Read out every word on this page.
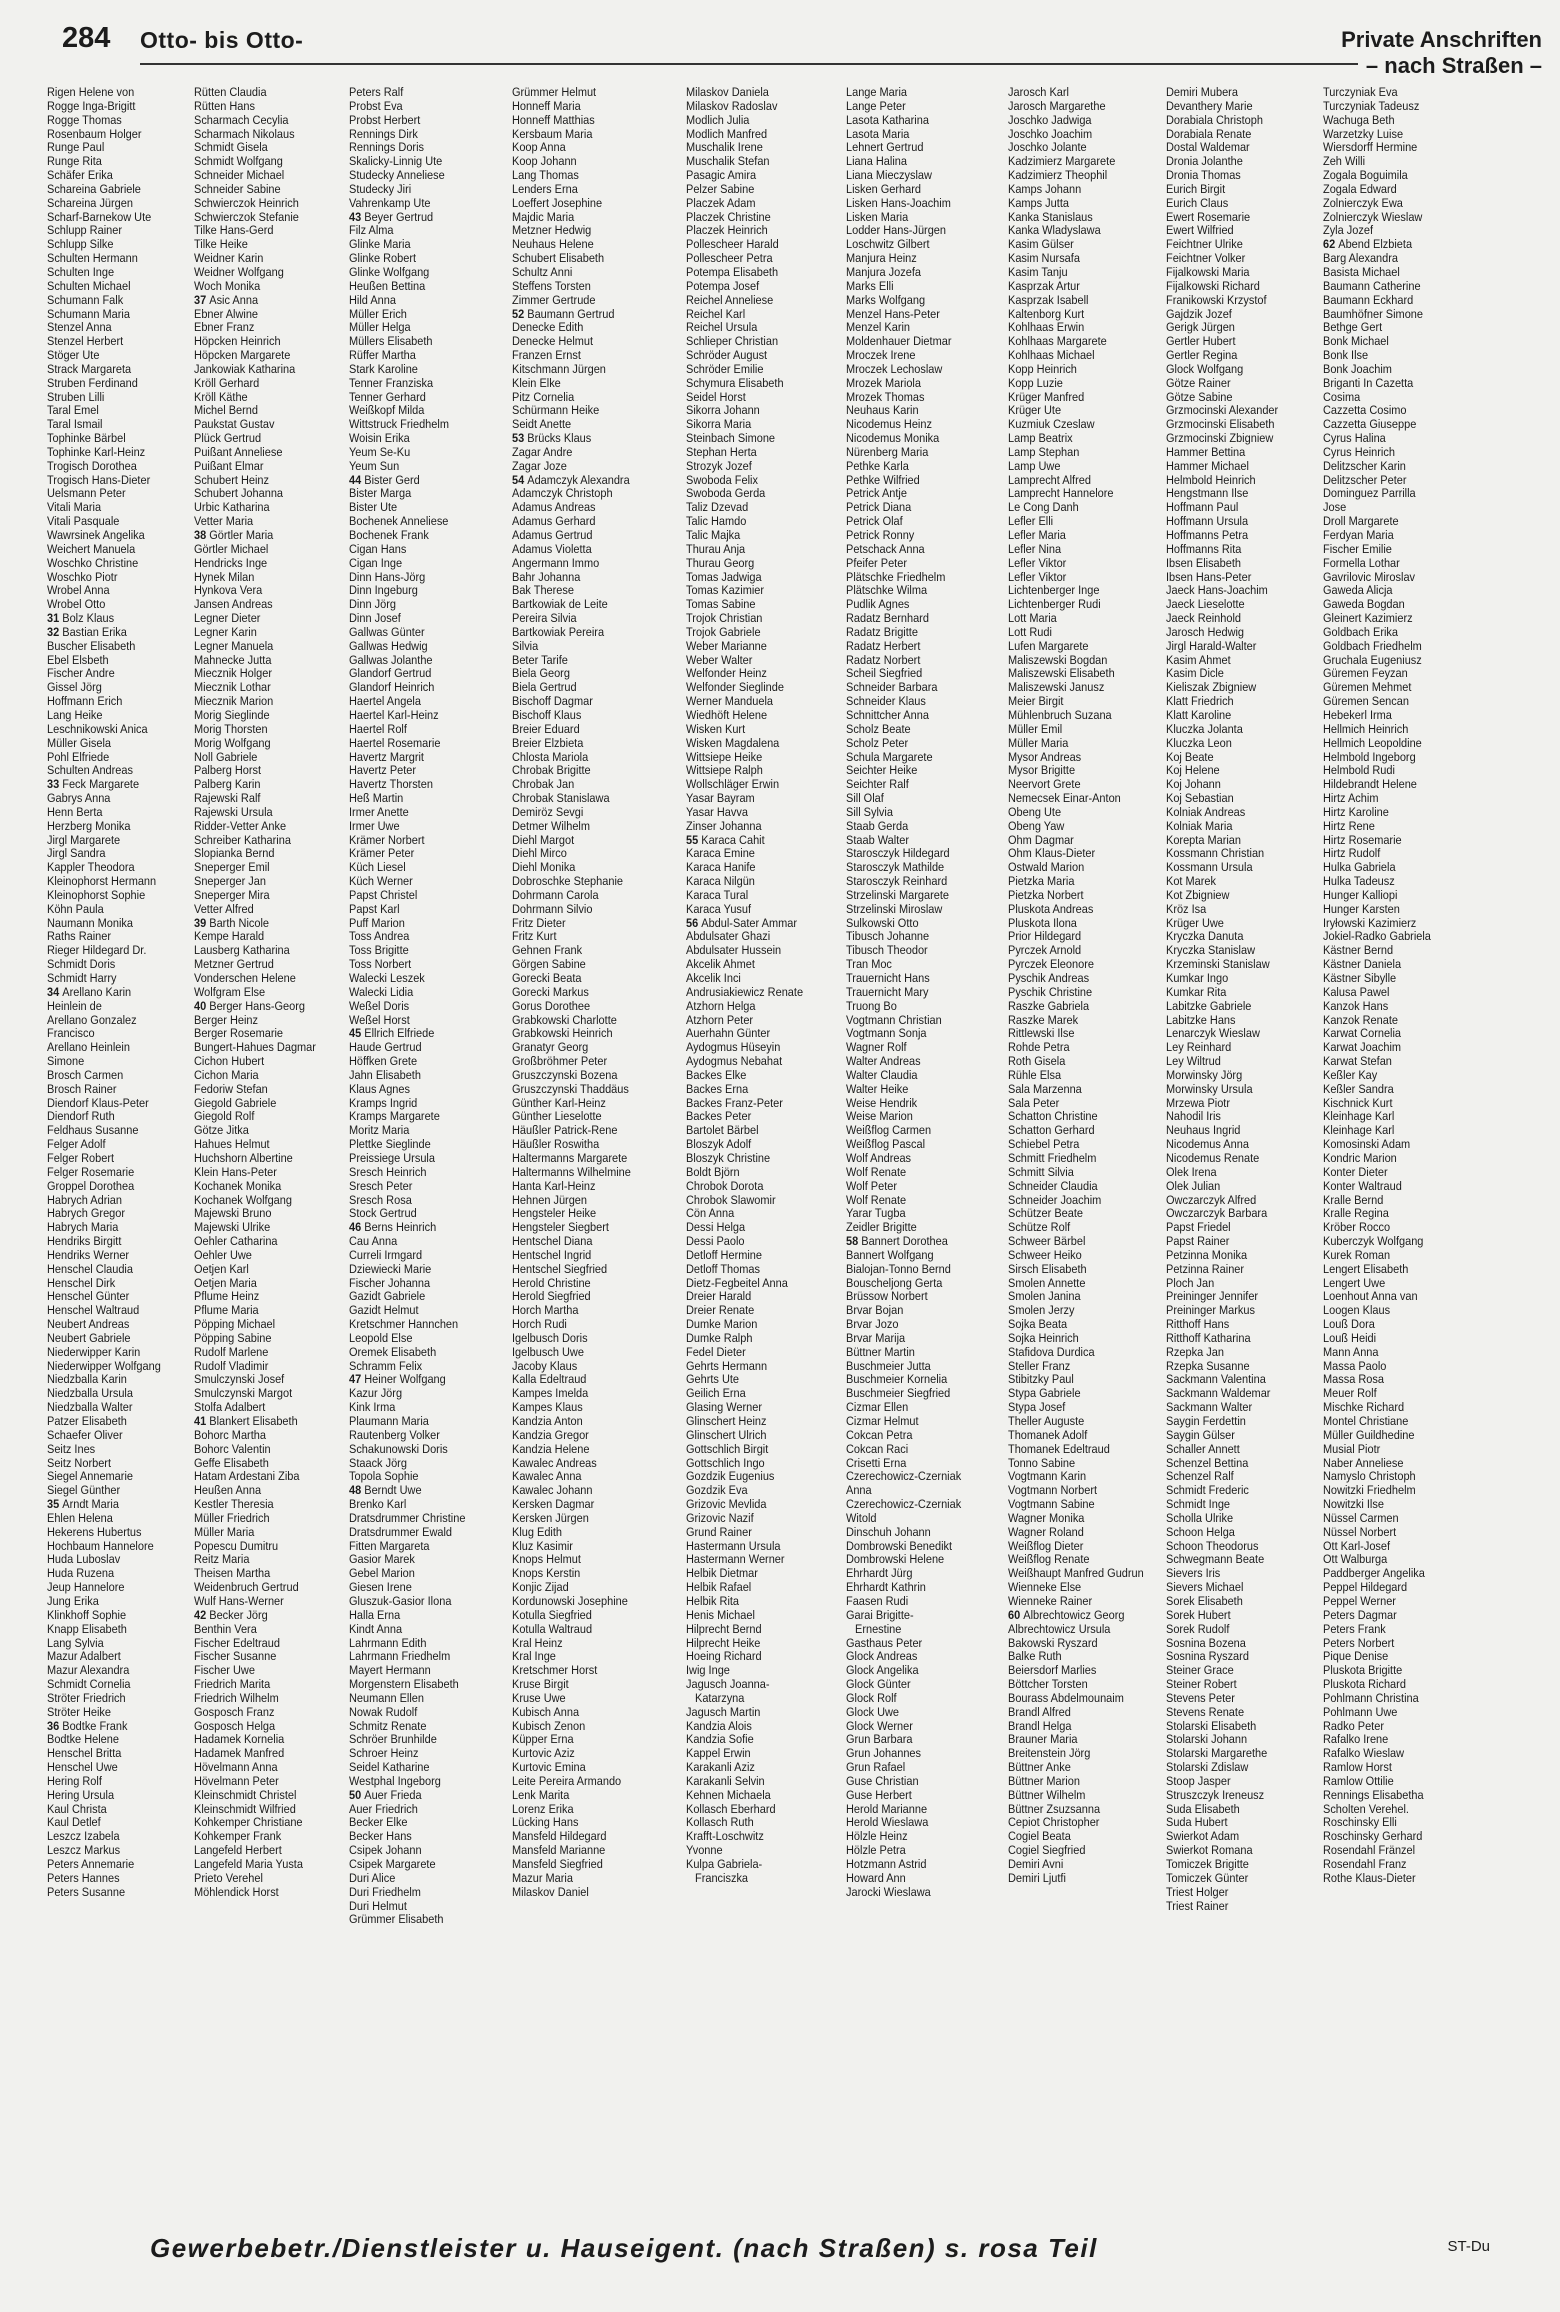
284 Otto- bis Otto-	Private Anschriften
– nach Straßen –
Rigen Helene von
Rogge Inga-Brigitt
Rogge Thomas
Rosenbaum Holger
Runge Paul
Runge Rita
Schäfer Erika
Schareina Gabriele
Schareina Jürgen
Scharf-Barnekow Ute
Schlupp Rainer
Schlupp Silke
Schulten Hermann
Schulten Inge
Schulten Michael
Schumann Falk
Schumann Maria
Stenzel Anna
Stenzel Herbert
Stöger Ute
Strack Margareta
Struben Ferdinand
Struben Lilli
Taral Emel
Taral Ismail
Tophinke Bärbel
Tophinke Karl-Heinz
Trogisch Dorothea
Trogisch Hans-Dieter
Uelsmann Peter
Vitali Maria
Vitali Pasquale
Wawrsinek Angelika
Weichert Manuela
Woschko Christine
Woschko Piotr
Wrobel Anna
Wrobel Otto
31 Bolz Klaus
32 Bastian Erika
Buscher Elisabeth
Ebel Elsbeth
Fischer Andre
Gissel Jörg
Hoffmann Erich
Lang Heike
Leschnikowski Anica
Müller Gisela
Pohl Elfriede
Schulten Andreas
33 Feck Margarete
Gabrys Anna
Henn Berta
Herzberg Monika
Jirgl Margarete
Jirgl Sandra
Kappler Theodora
Kleinophorst Hermann
Kleinophorst Sophie
Köhn Paula
Naumann Monika
Raths Rainer
Rieger Hildegard Dr.
Schmidt Doris
Schmidt Harry
34 Arellano Karin
Heinlein de
Arellano Gonzalez
Francisco
Arellano Heinlein
Simone
Brosch Carmen
Brosch Rainer
Diendorf Klaus-Peter
Diendorf Ruth
Feldhaus Susanne
Felger Adolf
Felger Robert
Felger Rosemarie
Groppel Dorothea
Habrych Adrian
Habrych Gregor
Habrych Maria
Hendriks Birgitt
Hendriks Werner
Henschel Claudia
Henschel Dirk
Henschel Günter
Henschel Waltraud
Neubert Andreas
Neubert Gabriele
Niederwipper Karin
Niederwipper Wolfgang
Niedzballa Karin
Niedzballa Ursula
Niedzballa Walter
Patzer Elisabeth
Schaefer Oliver
Seitz Ines
Seitz Norbert
Siegel Annemarie
Siegel Günther
35 Arndt Maria
Ehlen Helena
Hekerens Hubertus
Hochbaum Hannelore
Huda Luboslav
Huda Ruzena
Jeup Hannelore
Jung Erika
Klinkhoff Sophie
Knapp Elisabeth
Lang Sylvia
Mazur Adalbert
Mazur Alexandra
Schmidt Cornelia
Ströter Friedrich
Ströter Heike
36 Bodtke Frank
Bodtke Helene
Henschel Britta
Henschel Uwe
Hering Rolf
Hering Ursula
Kaul Christa
Kaul Detlef
Leszcz Izabela
Leszcz Markus
Peters Annemarie
Peters Hannes
Peters Susanne
Rütten Claudia
Rütten Hans
Scharmach Cecylia
Scharmach Nikolaus
Schmidt Gisela
Schmidt Wolfgang
Schneider Michael
Schneider Sabine
Schwierczok Heinrich
Schwierczok Stefanie
Tilke Hans-Gerd
Tilke Heike
Weidner Karin
Weidner Wolfgang
Woch Monika
37 Asic Anna
Ebner Alwine
Ebner Franz
Höpcken Heinrich
Höpcken Margarete
Jankowiak Katharina
Kröll Gerhard
Kröll Käthe
Michel Bernd
Paukstat Gustav
Plück Gertrud
Puißant Anneliese
Puißant Elmar
Schubert Heinz
Schubert Johanna
Urbic Katharina
Vetter Maria
38 Görtler Maria
Görtler Michael
Hendricks Inge
Hynek Milan
Hynkova Vera
Jansen Andreas
Legner Dieter
Legner Karin
Legner Manuela
Mahnecke Jutta
Miecznik Holger
Miecznik Lothar
Miecznik Marion
Morig Sieglinde
Morig Thorsten
Morig Wolfgang
Noll Gabriele
Palberg Horst
Palberg Karin
Rajewski Ralf
Rajewski Ursula
Ridder-Vetter Anke
Schreiber Katharina
Slopianka Bernd
Sneperger Emil
Sneperger Jan
Sneperger Mira
Vetter Alfred
39 Barth Nicole
Kempe Harald
Lausberg Katharina
Metzner Gertrud
Vonderschen Helene
Wolfgram Else
40 Berger Hans-Georg
Berger Heinz
Berger Rosemarie
Bungert-Hahues Dagmar
Cichon Hubert
Cichon Maria
Fedoriw Stefan
Giegold Gabriele
Giegold Rolf
Götze Jitka
Hahues Helmut
Huchshorn Albertine
Klein Hans-Peter
Kochanek Monika
Kochanek Wolfgang
Majewski Bruno
Majewski Ulrike
Oehler Catharina
Oehler Uwe
Oetjen Karl
Oetjen Maria
Pflume Heinz
Pflume Maria
Pöpping Michael
Pöpping Sabine
Rudolf Marlene
Rudolf Vladimir
Smulczynski Josef
Smulczynski Margot
Stolfa Adalbert
41 Blankert Elisabeth
Bohorc Martha
Bohorc Valentin
Geffe Elisabeth
Hatam Ardestani Ziba
Heußen Anna
Kestler Theresia
Müller Friedrich
Müller Maria
Popescu Dumitru
Reitz Maria
Theisen Martha
Weidenbruch Gertrud
Wulf Hans-Werner
42 Becker Jörg
Benthin Vera
Fischer Edeltraud
Fischer Susanne
Fischer Uwe
Friedrich Marita
Friedrich Wilhelm
Gosposch Franz
Gosposch Helga
Hadamek Kornelia
Hadamek Manfred
Hövelmann Anna
Hövelmann Peter
Kleinschmidt Christel
Kleinschmidt Wilfried
Kohkemper Christiane
Kohkemper Frank
Langefeld Herbert
Langefeld Maria Yusta
Prieto Verehel
Möhlendick Horst
Peters Ralf
Probst Eva
Probst Herbert
Rennings Dirk
Rennings Doris
Skalicky-Linnig Ute
Studecky Anneliese
Studecky Jiri
Vahrenkamp Ute
43 Beyer Gertrud
Filz Alma
Glinke Maria
Glinke Robert
Glinke Wolfgang
Heußen Bettina
Hild Anna
Müller Erich
Müller Helga
Müllers Elisabeth
Rüffer Martha
Stark Karoline
Tenner Franziska
Tenner Gerhard
Weißkopf Milda
Wittstruck Friedhelm
Woisin Erika
Yeum Se-Ku
Yeum Sun
44 Bister Gerd
Bister Marga
Bister Ute
Bochenek Anneliese
Bochenek Frank
Cigan Hans
Cigan Inge
Dinn Hans-Jörg
Dinn Ingeburg
Dinn Jörg
Dinn Josef
Gallwas Günter
Gallwas Hedwig
Gallwas Jolanthe
Glandorf Gertrud
Glandorf Heinrich
Haertel Angela
Haertel Karl-Heinz
Haertel Rolf
Haertel Rosemarie
Havertz Margrit
Havertz Peter
Havertz Thorsten
Heß Martin
Irmer Anette
Irmer Uwe
Krämer Norbert
Krämer Peter
Küch Liesel
Küch Werner
Papst Christel
Papst Karl
Puff Marion
Toss Andrea
Toss Brigitte
Toss Norbert
Walecki Leszek
Walecki Lidia
Weßel Doris
Weßel Horst
45 Ellrich Elfriede
Haude Gertrud
Höffken Grete
Jahn Elisabeth
Klaus Agnes
Kramps Ingrid
Kramps Margarete
Moritz Maria
Plettke Sieglinde
Preissiege Ursula
Sresch Heinrich
Sresch Peter
Sresch Rosa
Stock Gertrud
46 Berns Heinrich
Cau Anna
Curreli Irmgard
Dziewiecki Marie
Fischer Johanna
Gazidt Gabriele
Gazidt Helmut
Kretschmer Hannchen
Leopold Else
Oremek Elisabeth
Schramm Felix
47 Heiner Wolfgang
Kazur Jörg
Kink Irma
Plaumann Maria
Rautenberg Volker
Schakunowski Doris
Staack Jörg
Topola Sophie
48 Berndt Uwe
Brenko Karl
Dratsdrummer Christine
Dratsdrummer Ewald
Fitten Margareta
Gasior Marek
Gebel Marion
Giesen Irene
Gluszuk-Gasior Ilona
Halla Erna
Kindt Anna
Lahrmann Edith
Lahrmann Friedhelm
Mayert Hermann
Morgenstern Elisabeth
Neumann Ellen
Nowak Rudolf
Schmitz Renate
Schröer Brunhilde
Schroer Heinz
Seidel Katharine
Westphal Ingeborg
50 Auer Frieda
Auer Friedrich
Becker Elke
Becker Hans
Csipek Johann
Csipek Margarete
Duri Alice
Duri Friedhelm
Duri Helmut
Grümmer Elisabeth
Grümmer Helmut
Honneff Maria
Honneff Matthias
Kersbaum Maria
Koop Anna
Koop Johann
Lang Thomas
Lenders Erna
Loeffert Josephine
Majdic Maria
Metzner Hedwig
Neuhaus Helene
Schubert Elisabeth
Schultz Anni
Steffens Torsten
Zimmer Gertrude
52 Baumann Gertrud
Denecke Edith
Denecke Helmut
Franzen Ernst
Kitschmann Jürgen
Klein Elke
Pitz Cornelia
Schürmann Heike
Seidt Anette
53 Brücks Klaus
Zagar Andre
Zagar Joze
54 Adamczyk Alexandra
Adamczyk Christoph
Adamus Andreas
Adamus Gerhard
Adamus Gertrud
Adamus Violetta
Angermann Immo
Bahr Johanna
Bak Therese
Bartkowiak de Leite
Pereira Silvia
Bartkowiak Pereira
Silvia
Beter Tarife
Biela Georg
Biela Gertrud
Bischoff Dagmar
Bischoff Klaus
Breier Eduard
Breier Elzbieta
Chlosta Mariola
Chrobak Brigitte
Chrobak Jan
Chrobak Stanislawa
Demiröz Sevgi
Detmer Wilhelm
Diehl Margot
Diehl Mirco
Diehl Monika
Dobroschke Stephanie
Dohrmann Carola
Dohrmann Silvio
Fritz Dieter
Fritz Kurt
Gehnen Frank
Görgen Sabine
Gorecki Beata
Gorecki Markus
Gorus Dorothee
Grabkowski Charlotte
Grabkowski Heinrich
Granatyr Georg
Großbröhmer Peter
Gruszczynski Bozena
Gruszczynski Thaddäus
Günther Karl-Heinz
Günther Lieselotte
Häußler Patrick-Rene
Häußler Roswitha
Haltermanns Margarete
Haltermanns Wilhelmine
Hanta Karl-Heinz
Hehnen Jürgen
Hengsteler Heike
Hengsteler Siegbert
Hentschel Diana
Hentschel Ingrid
Hentschel Siegfried
Herold Christine
Herold Siegfried
Horch Martha
Horch Rudi
Igelbusch Doris
Igelbusch Uwe
Jacoby Klaus
Kalla Edeltraud
Kampes Imelda
Kampes Klaus
Kandzia Anton
Kandzia Gregor
Kandzia Helene
Kawalec Andreas
Kawalec Anna
Kawalec Johann
Kersken Dagmar
Kersken Jürgen
Klug Edith
Kluz Kasimir
Knops Helmut
Knops Kerstin
Konjic Zijad
Kordunowski Josephine
Kotulla Siegfried
Kotulla Waltraud
Kral Heinz
Kral Inge
Kretschmer Horst
Kruse Birgit
Kruse Uwe
Kubisch Anna
Kubisch Zenon
Küpper Erna
Kurtovic Aziz
Kurtovic Emina
Leite Pereira Armando
Lenk Marita
Lorenz Erika
Lücking Hans
Mansfeld Hildegard
Mansfeld Marianne
Mansfeld Siegfried
Mazur Maria
Milaskov Daniel
Milaskov Daniela
Milaskov Radoslav
Modlich Julia
Modlich Manfred
Muschalik Irene
Muschalik Stefan
Pasagic Amira
Pelzer Sabine
Placzek Adam
Placzek Christine
Placzek Heinrich
Pollescheer Harald
Pollescheer Petra
Potempa Elisabeth
Potempa Josef
Reichel Anneliese
Reichel Karl
Reichel Ursula
Schlieper Christian
Schröder August
Schröder Emilie
Schymura Elisabeth
Seidel Horst
Sikorra Johann
Sikorra Maria
Steinbach Simone
Stephan Herta
Strozyk Jozef
Swoboda Felix
Swoboda Gerda
Taliz Dzevad
Talic Hamdo
Talic Majka
Thurau Anja
Thurau Georg
Tomas Jadwiga
Tomas Kazimier
Tomas Sabine
Trojok Christian
Trojok Gabriele
Weber Marianne
Weber Walter
Welfonder Heinz
Welfonder Sieglinde
Werner Manduela
Wiedhöft Helene
Wisken Kurt
Wisken Magdalena
Wittsiepe Heike
Wittsiepe Ralph
Wollschläger Erwin
Yasar Bayram
Yasar Havva
Zinser Johanna
55 Karaca Cahit
Karaca Emine
Karaca Hanife
Karaca Nilgün
Karaca Tural
Karaca Yusuf
56 Abdul-Sater Ammar
Abdulsater Ghazi
Abdulsater Hussein
Akcelik Ahmet
Akcelik Inci
Andrusiakiewicz Renate
Atzhorn Helga
Atzhorn Peter
Auerhahn Günter
Aydogmus Hüseyin
Aydogmus Nebahat
Backes Elke
Backes Erna
Backes Franz-Peter
Backes Peter
Bartolet Bärbel
Bloszyk Adolf
Bloszyk Christine
Boldt Björn
Chrobok Dorota
Chrobok Slawomir
Cön Anna
Dessi Helga
Dessi Paolo
Detloff Hermine
Detloff Thomas
Dietz-Fegbeitel Anna
Dreier Harald
Dreier Renate
Dumke Marion
Dumke Ralph
Fedel Dieter
Gehrts Hermann
Gehrts Ute
Geilich Erna
Glasing Werner
Glinschert Heinz
Glinschert Ulrich
Gottschlich Birgit
Gottschlich Ingo
Gozdzik Eugenius
Gozdzik Eva
Grizovic Mevlida
Grizovic Nazif
Grund Rainer
Hastermann Ursula
Hastermann Werner
Helbik Dietmar
Helbik Rafael
Helbik Rita
Henis Michael
Hilprecht Bernd
Hilprecht Heike
Hoeing Richard
Iwig Inge
Jagusch Joanna-
Katarzyna
Jagusch Martin
Kandzia Alois
Kandzia Sofie
Kappel Erwin
Karakanli Aziz
Karakanli Selvin
Kehnen Michaela
Kollasch Eberhard
Kollasch Ruth
Krafft-Loschwitz
Yvonne
Kulpa Gabriela-
Franciszka
Lange Maria
Lange Peter
Lasota Katharina
Lasota Maria
Lehnert Gertrud
Liana Halina
Liana Mieczyslaw
Lisken Gerhard
Lisken Hans-Joachim
Lisken Maria
Lodder Hans-Jürgen
Loschwitz Gilbert
Manjura Heinz
Manjura Jozefa
Marks Elli
Marks Wolfgang
Menzel Hans-Peter
Menzel Karin
Moldenhauer Dietmar
Mroczek Irene
Mroczek Lechoslaw
Mrozek Mariola
Mrozek Thomas
Neuhaus Karin
Nicodemus Heinz
Nicodemus Monika
Nürenberg Maria
Pethke Karla
Pethke Wilfried
Petrick Antje
Petrick Diana
Petrick Olaf
Petrick Ronny
Petschack Anna
Pfeifer Peter
Plätschke Friedhelm
Plätschke Wilma
Pudlik Agnes
Radatz Bernhard
Radatz Brigitte
Radatz Herbert
Radatz Norbert
Scheil Siegfried
Schneider Barbara
Schneider Klaus
Schnittcher Anna
Scholz Beate
Scholz Peter
Schula Margarete
Seichter Heike
Seichter Ralf
Sill Olaf
Sill Sylvia
Staab Gerda
Staab Walter
Starosczyk Hildegard
Starosczyk Mathilde
Starosczyk Reinhard
Strzelinski Margarete
Strzelinski Miroslaw
Sulkowski Otto
Tibusch Johanne
Tibusch Theodor
Tran Moc
Trauernicht Hans
Trauernicht Mary
Truong Bo
Vogtmann Christian
Vogtmann Sonja
Wagner Rolf
Walter Andreas
Walter Claudia
Walter Heike
Weise Hendrik
Weise Marion
Weißflog Carmen
Weißflog Pascal
Wolf Andreas
Wolf Renate
Wolf Peter
Wolf Renate
Yarar Tugba
Zeidler Brigitte
58 Bannert Dorothea
Bannert Wolfgang
Bialojan-Tonno Bernd
Bouscheljong Gerta
Brüssow Norbert
Brvar Bojan
Brvar Jozo
Brvar Marija
Büttner Martin
Buschmeier Jutta
Buschmeier Kornelia
Buschmeier Siegfried
Cizmar Ellen
Cizmar Helmut
Cokcan Petra
Cokcan Raci
Crisetti Erna
Czerechowicz-Czerniak
Anna
Czerechowicz-Czerniak
Witold
Dinschuh Johann
Dombrowski Benedikt
Dombrowski Helene
Ehrhardt Jürg
Ehrhardt Kathrin
Faasen Rudi
Garai Brigitte-
Ernestine
Gasthaus Peter
Glock Andreas
Glock Angelika
Glock Günter
Glock Rolf
Glock Uwe
Glock Werner
Grun Barbara
Grun Johannes
Grun Rafael
Guse Christian
Guse Herbert
Herold Marianne
Herold Wieslawa
Hölzle Heinz
Hölzle Petra
Hotzmann Astrid
Howard Ann
Jarocki Wieslawa
Jarosch Karl
Jarosch Margarethe
Joschko Jadwiga
Joschko Joachim
Joschko Jolante
Kadzimierz Margarete
Kadzimierz Theophil
Kamps Johann
Kamps Jutta
Kanka Stanislaus
Kanka Wladyslawa
Kasim Gülser
Kasim Nursafa
Kasim Tanju
Kasprzak Artur
Kasprzak Isabell
Kaltenborg Kurt
Kohlhaas Erwin
Kohlhaas Margarete
Kohlhaas Michael
Kopp Heinrich
Kopp Luzie
Krüger Manfred
Krüger Ute
Kuzmiuk Czeslaw
Lamp Beatrix
Lamp Stephan
Lamp Uwe
Lamprecht Alfred
Lamprecht Hannelore
Le Cong Danh
Lefler Elli
Lefler Maria
Lefler Nina
Lefler Viktor
Lefler Viktor
Lichtenberger Inge
Lichtenberger Rudi
Lott Maria
Lott Rudi
Lufen Margarete
Maliszewski Bogdan
Maliszewski Elisabeth
Maliszewski Janusz
Meier Birgit
Mühlenbruch Suzana
Müller Emil
Müller Maria
Mysor Andreas
Mysor Brigitte
Neervort Grete
Nemecsek Einar-Anton
Obeng Ute
Obeng Yaw
Ohm Dagmar
Ohm Klaus-Dieter
Ostwald Marion
Pietzka Maria
Pietzka Norbert
Pluskota Andreas
Pluskota Ilona
Prior Hildegard
Pyrczek Arnold
Pyrczek Eleonore
Pyschik Andreas
Pyschik Christine
Raszke Gabriela
Raszke Marek
Rittlewski Ilse
Rohde Petra
Roth Gisela
Rühle Elsa
Sala Marzenna
Sala Peter
Schatton Christine
Schatton Gerhard
Schiebel Petra
Schmitt Friedhelm
Schmitt Silvia
Schneider Claudia
Schneider Joachim
Schützer Beate
Schütze Rolf
Schweer Bärbel
Schweer Heiko
Sirsch Elisabeth
Smolen Annette
Smolen Janina
Smolen Jerzy
Sojka Beata
Sojka Heinrich
Stafidova Durdica
Steller Franz
Stibitzky Paul
Stypa Gabriele
Stypa Josef
Theller Auguste
Thomanek Adolf
Thomanek Edeltraud
Tonno Sabine
Vogtmann Karin
Vogtmann Norbert
Vogtmann Sabine
Wagner Monika
Wagner Roland
Weißflog Dieter
Weißflog Renate
Weißhaupt Manfred Gudrun
Wienneke Else
Wienneke Rainer
60 Albrechtowicz Georg
Albrechtowicz Ursula
Bakowski Ryszard
Balke Ruth
Beiersdorf Marlies
Böttcher Torsten
Bourass Abdelmounaim
Brandl Alfred
Brandl Helga
Brauner Maria
Breitenstein Jörg
Büttner Anke
Büttner Marion
Büttner Wilhelm
Büttner Zsuzsanna
Cepiot Christopher
Cogiel Beata
Cogiel Siegfried
Demiri Avni
Demiri Ljutfi
Demiri Mubera
Devanthery Marie
Dorabiala Christoph
Dorabiala Renate
Dostal Waldemar
Dronia Jolanthe
Dronia Thomas
Eurich Birgit
Eurich Claus
Ewert Rosemarie
Ewert Wilfried
Feichtner Ulrike
Feichtner Volker
Fijalkowski Maria
Fijalkowski Richard
Franikowski Krzystof
Gajdzik Jozef
Gerigk Jürgen
Gertler Hubert
Gertler Regina
Glock Wolfgang
Götze Rainer
Götze Sabine
Grzmocinski Alexander
Grzmocinski Elisabeth
Grzmocinski Zbigniew
Hammer Bettina
Hammer Michael
Helmbold Heinrich
Hengstmann Ilse
Hoffmann Paul
Hoffmann Ursula
Hoffmanns Petra
Hoffmanns Rita
Ibsen Elisabeth
Ibsen Hans-Peter
Jaeck Hans-Joachim
Jaeck Lieselotte
Jaeck Reinhold
Jarosch Hedwig
Jirgl Harald-Walter
Kasim Ahmet
Kasim Dicle
Kieliszak Zbigniew
Klatt Friedrich
Klatt Karoline
Kluczka Jolanta
Kluczka Leon
Koj Beate
Koj Helene
Koj Johann
Koj Sebastian
Kolniak Andreas
Kolniak Maria
Korepta Marian
Kossmann Christian
Kossmann Ursula
Kot Marek
Kot Zbigniew
Kröz Isa
Krüger Uwe
Kryczka Danuta
Kryczka Stanislaw
Krzeminski Stanislaw
Kumkar Ingo
Kumkar Rita
Labitzke Gabriele
Labitzke Hans
Lenarczyk Wieslaw
Ley Reinhard
Ley Wiltrud
Morwinsky Jörg
Morwinsky Ursula
Mrzewa Piotr
Nahodil Iris
Neuhaus Ingrid
Nicodemus Anna
Nicodemus Renate
Olek Irena
Olek Julian
Owczarczyk Alfred
Owczarczyk Barbara
Papst Friedel
Papst Rainer
Petzinna Monika
Petzinna Rainer
Ploch Jan
Preininger Jennifer
Preininger Markus
Ritthoff Hans
Ritthoff Katharina
Rzepka Jan
Rzepka Susanne
Sackmann Valentina
Sackmann Waldemar
Sackmann Walter
Saygin Ferdettin
Saygin Gülser
Schaller Annett
Schenzel Bettina
Schenzel Ralf
Schmidt Frederic
Schmidt Inge
Scholla Ulrike
Schoon Helga
Schoon Theodorus
Schwegmann Beate
Sievers Iris
Sievers Michael
Sorek Elisabeth
Sorek Hubert
Sorek Rudolf
Sosnina Bozena
Sosnina Ryszard
Steiner Grace
Steiner Robert
Stevens Peter
Stevens Renate
Stolarski Elisabeth
Stolarski Johann
Stolarski Margarethe
Stolarski Zdislaw
Stoop Jasper
Struszczyk Ireneusz
Suda Elisabeth
Suda Hubert
Swierkot Adam
Swierkot Romana
Tomiczek Brigitte
Tomiczek Günter
Triest Holger
Triest Rainer
Turczyniak Eva
Turczyniak Tadeusz
Wachuga Beth
Warzetzky Luise
Wiersdorff Hermine
Zeh Willi
Zogala Boguimila
Zogala Edward
Zolnierczyk Ewa
Zolnierczyk Wieslaw
Zyla Jozef
62 Abend Elzbieta
Barg Alexandra
Basista Michael
Baumann Catherine
Baumann Eckhard
Baumhöfner Simone
Bethge Gert
Bonk Michael
Bonk Ilse
Bonk Joachim
Briganti In Cazetta
Cosima
Cazzetta Cosimo
Cazzetta Giuseppe
Cyrus Halina
Cyrus Heinrich
Delitzscher Karin
Delitzscher Peter
Dominguez Parrilla
Jose
Droll Margarete
Ferdyan Maria
Fischer Emilie
Formella Lothar
Gavrilovic Miroslav
Gaweda Alicja
Gaweda Bogdan
Gleinert Kazimierz
Goldbach Erika
Goldbach Friedhelm
Gruchala Eugeniusz
Güremen Feyzan
Güremen Mehmet
Güremen Sencan
Hebekerl Irma
Hellmich Heinrich
Hellmich Leopoldine
Helmbold Ingeborg
Helmbold Rudi
Hildebrandt Helene
Hirtz Achim
Hirtz Karoline
Hirtz Rene
Hirtz Rosemarie
Hirtz Rudolf
Hulka Gabriela
Hulka Tadeusz
Hunger Kalliopi
Hunger Karsten
Iryłowski Kazimierz
Jokiel-Radko Gabriela
Kästner Bernd
Kästner Daniela
Kästner Sibylle
Kalusa Pawel
Kanzok Hans
Kanzok Renate
Karwat Cornelia
Karwat Joachim
Karwat Stefan
Keßler Kay
Keßler Sandra
Kischnick Kurt
Kleinhage Karl
Kleinhage Karl
Komosinski Adam
Kondric Marion
Konter Dieter
Konter Waltraud
Kralle Bernd
Kralle Regina
Kröber Rocco
Kuberczyk Wolfgang
Kurek Roman
Lengert Elisabeth
Lengert Uwe
Loenhout Anna van
Loogen Klaus
Louß Dora
Louß Heidi
Mann Anna
Massa Paolo
Massa Rosa
Meuer Rolf
Mischke Richard
Montel Christiane
Müller Guildhedine
Musial Piotr
Naber Anneliese
Namyslo Christoph
Nowitzki Friedhelm
Nowitzki Ilse
Nüssel Carmen
Nüssel Norbert
Ott Karl-Josef
Ott Walburga
Paddberger Angelika
Peppel Hildegard
Peppel Werner
Peters Dagmar
Peters Frank
Peters Norbert
Pique Denise
Pluskota Brigitte
Pluskota Richard
Pohlmann Christina
Pohlmann Uwe
Radko Peter
Rafalko Irene
Rafalko Wieslaw
Ramlow Horst
Ramlow Ottilie
Rennings Elisabetha
Scholten Verehel.
Roschinsky Elli
Roschinsky Gerhard
Rosendahl Fränzel
Rosendahl Franz
Rothe Klaus-Dieter
Gewerbebetr./Dienstleister u. Hauseigent. (nach Straßen) s. rosa Teil	ST-Du
